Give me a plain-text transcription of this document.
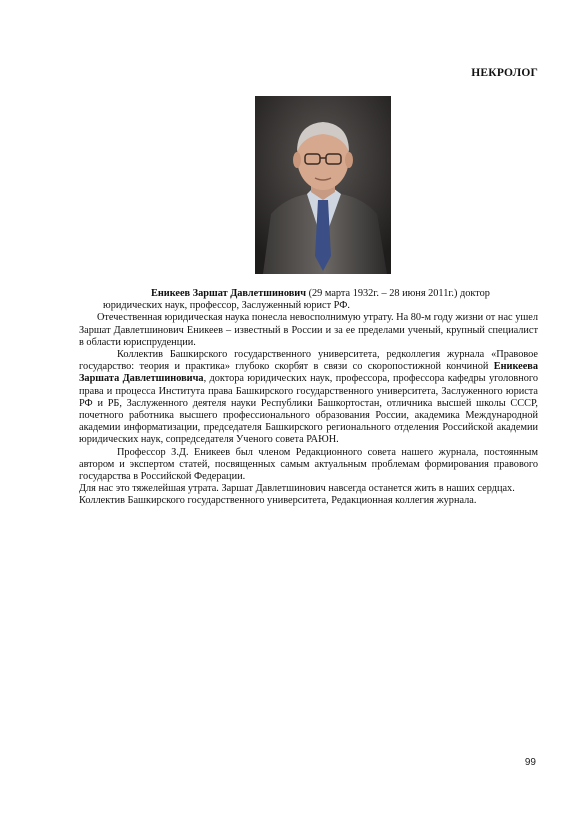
НЕКРОЛОГ

Еникеев Заршат Давлетшинович (29 марта 1932г. – 28 июня 2011г.) доктор

юридических наук, профессор, Заслуженный юрист РФ.

Отечественная юридическая наука понесла невосполнимую утрату. На 80-м году жизни от нас ушел Заршат Давлетшинович Еникеев – известный в России и за ее пределами ученый, крупный специалист в области юриспруденции.

Коллектив Башкирского государственного университета, редколлегия журнала «Правовое государство: теория и практика» глубоко скорбят в связи со скоропостижной кончиной Еникеева Заршата Давлетшиновича, доктора юридических наук, профессора, профессора кафедры уголовного права и процесса Института права Башкирского государственного университета, Заслуженного юриста РФ и РБ, Заслуженного деятеля науки Республики Башкортостан, отличника высшей школы СССР, почетного работника высшего профессионального образования России, академика Международной академии информатизации, председателя Башкирского регионального отделения Российской академии юридических наук, сопредседателя Ученого совета РАЮН.

Профессор З.Д. Еникеев был членом Редакционного совета нашего журнала, постоянным автором и экспертом статей, посвященных самым актуальным проблемам формирования правового государства в Российской Федерации.

Для нас это тяжелейшая утрата. Заршат Давлетшинович навсегда останется жить в наших сердцах.

Коллектив Башкирского государственного университета, Редакционная коллегия журнала.

99
